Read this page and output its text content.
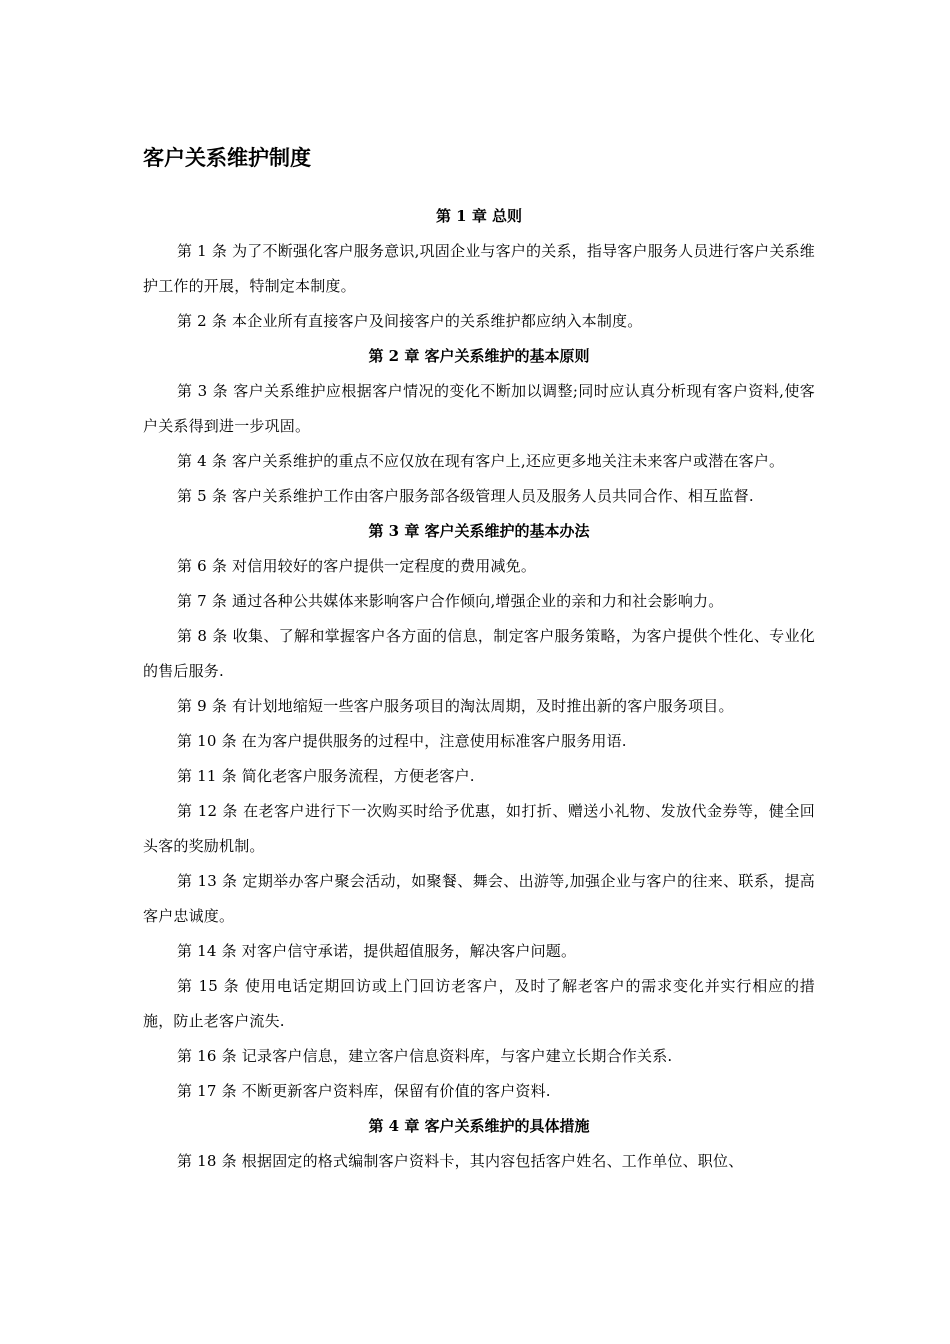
客户关系维护制度
第 1 章 总则

第 1 条 为了不断强化客户服务意识,巩固企业与客户的关系，指导客户服务人员进行客户关系维护工作的开展，特制定本制度。

第 2 条 本企业所有直接客户及间接客户的关系维护都应纳入本制度。

第 2 章 客户关系维护的基本原则

第 3 条 客户关系维护应根据客户情况的变化不断加以调整;同时应认真分析现有客户资料,使客户关系得到进一步巩固。

第 4 条 客户关系维护的重点不应仅放在现有客户上,还应更多地关注未来客户或潜在客户。

第 5 条 客户关系维护工作由客户服务部各级管理人员及服务人员共同合作、相互监督.

第 3 章 客户关系维护的基本办法

第 6 条 对信用较好的客户提供一定程度的费用减免。

第 7 条 通过各种公共媒体来影响客户合作倾向,增强企业的亲和力和社会影响力。

第 8 条 收集、了解和掌握客户各方面的信息，制定客户服务策略，为客户提供个性化、专业化的售后服务.

第 9 条 有计划地缩短一些客户服务项目的淘汰周期，及时推出新的客户服务项目。

第 10 条 在为客户提供服务的过程中，注意使用标准客户服务用语.

第 11 条 简化老客户服务流程，方便老客户.

第 12 条 在老客户进行下一次购买时给予优惠，如打折、赠送小礼物、发放代金券等，健全回头客的奖励机制。

第 13 条 定期举办客户聚会活动，如聚餐、舞会、出游等,加强企业与客户的往来、联系，提高客户忠诚度。

第 14 条 对客户信守承诺，提供超值服务，解决客户问题。

第 15 条 使用电话定期回访或上门回访老客户，及时了解老客户的需求变化并实行相应的措施，防止老客户流失.

第 16 条 记录客户信息，建立客户信息资料库，与客户建立长期合作关系.

第 17 条 不断更新客户资料库，保留有价值的客户资料.

第 4 章 客户关系维护的具体措施

第 18 条 根据固定的格式编制客户资料卡，其内容包括客户姓名、工作单位、职位、
